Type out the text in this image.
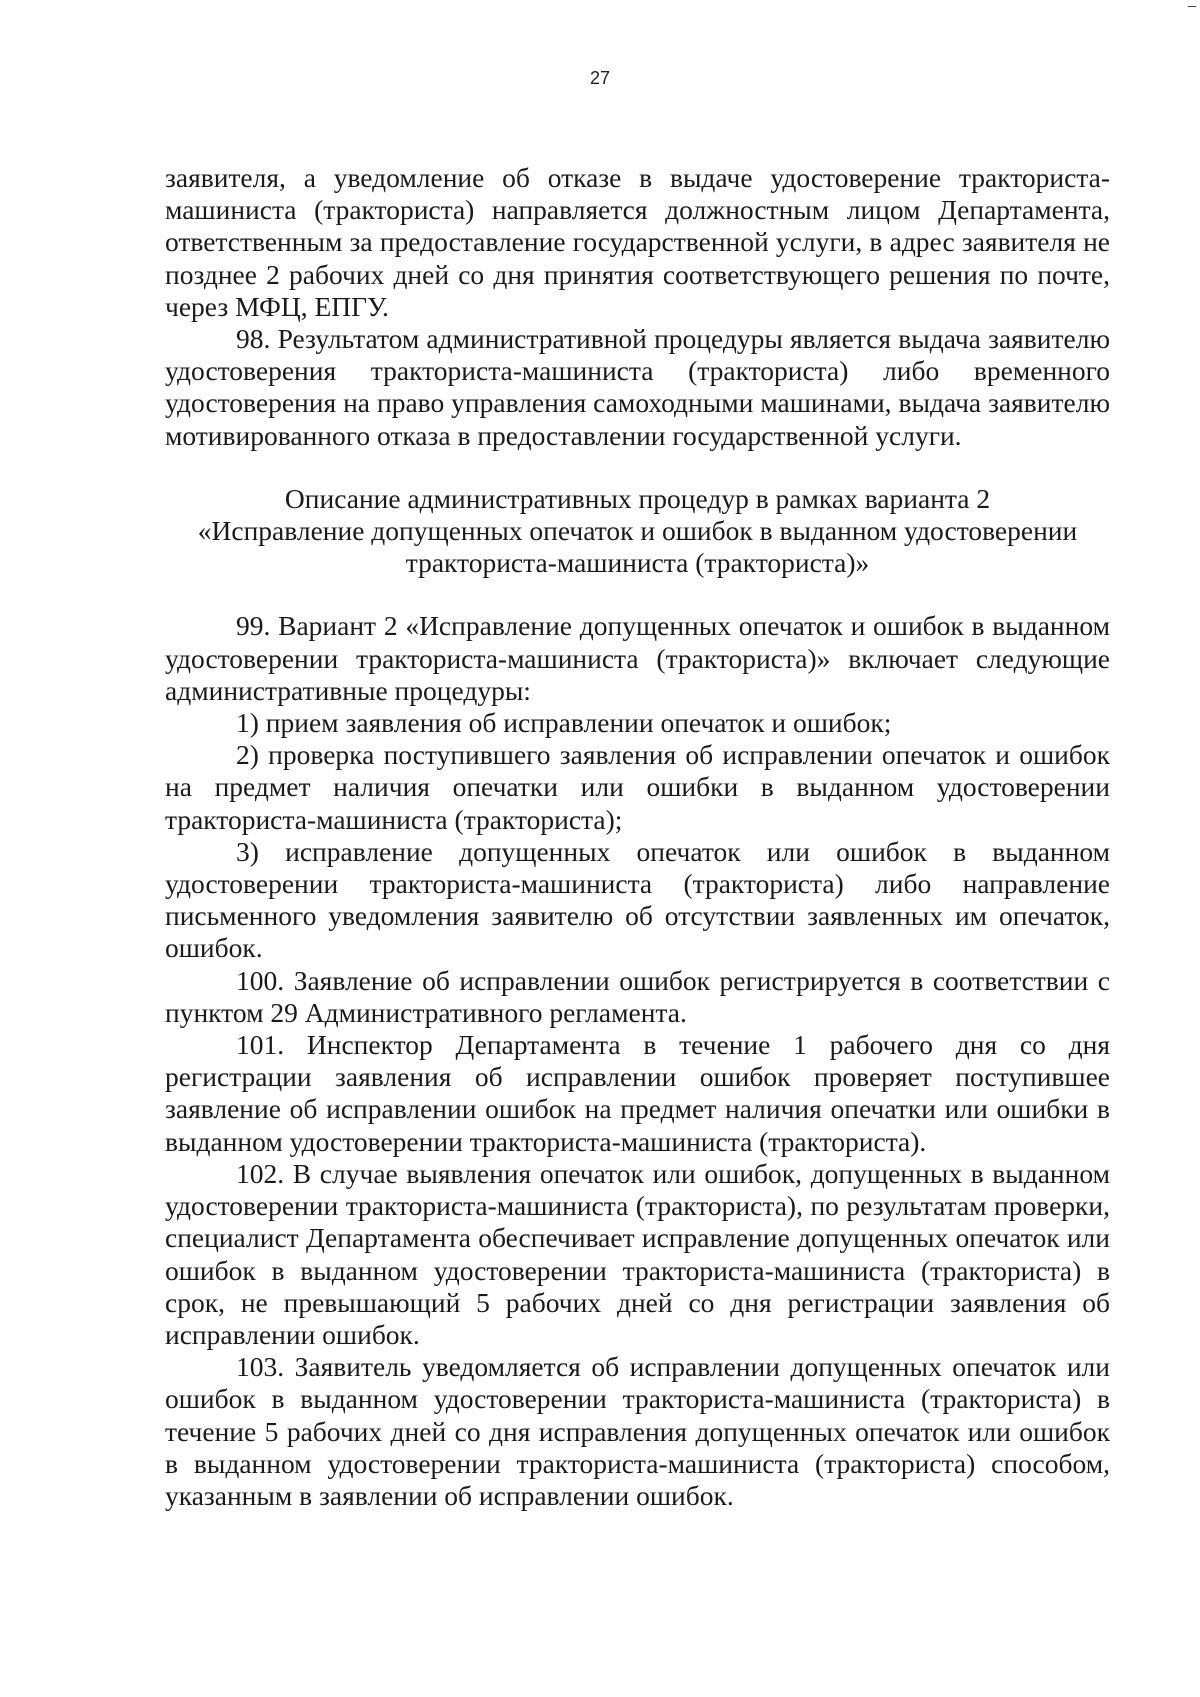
27

заявителя, а уведомление об отказе в выдаче удостоверение тракториста-машиниста (тракториста) направляется должностным лицом Департамента, ответственным за предоставление государственной услуги, в адрес заявителя не позднее 2 рабочих дней со дня принятия соответствующего решения по почте, через МФЦ, ЕПГУ.

98. Результатом административной процедуры является выдача заявителю удостоверения тракториста-машиниста (тракториста) либо временного удостоверения на право управления самоходными машинами, выдача заявителю мотивированного отказа в предоставлении государственной услуги.

Описание административных процедур в рамках варианта 2
«Исправление допущенных опечаток и ошибок в выданном удостоверении
тракториста-машиниста (тракториста)»

99. Вариант 2 «Исправление допущенных опечаток и ошибок в выданном удостоверении тракториста-машиниста (тракториста)» включает следующие административные процедуры:

1) прием заявления об исправлении опечаток и ошибок;

2) проверка поступившего заявления об исправлении опечаток и ошибок на предмет наличия опечатки или ошибки в выданном удостоверении тракториста-машиниста (тракториста);

3) исправление допущенных опечаток или ошибок в выданном удостоверении тракториста-машиниста (тракториста) либо направление письменного уведомления заявителю об отсутствии заявленных им опечаток, ошибок.

100. Заявление об исправлении ошибок регистрируется в соответствии с пунктом 29 Административного регламента.

101. Инспектор Департамента в течение 1 рабочего дня со дня регистрации заявления об исправлении ошибок проверяет поступившее заявление об исправлении ошибок на предмет наличия опечатки или ошибки в выданном удостоверении тракториста-машиниста (тракториста).

102. В случае выявления опечаток или ошибок, допущенных в выданном удостоверении тракториста-машиниста (тракториста), по результатам проверки, специалист Департамента обеспечивает исправление допущенных опечаток или ошибок в выданном удостоверении тракториста-машиниста (тракториста) в срок, не превышающий 5 рабочих дней со дня регистрации заявления об исправлении ошибок.

103. Заявитель уведомляется об исправлении допущенных опечаток или ошибок в выданном удостоверении тракториста-машиниста (тракториста) в течение 5 рабочих дней со дня исправления допущенных опечаток или ошибок в выданном удостоверении тракториста-машиниста (тракториста) способом, указанным в заявлении об исправлении ошибок.
